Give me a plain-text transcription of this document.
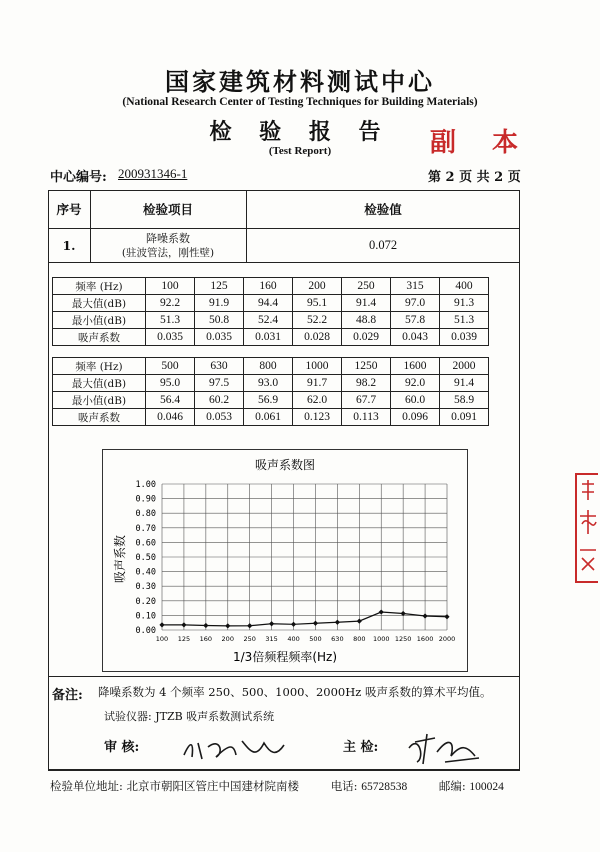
国家建筑材料测试中心
(National Research Center of Testing Techniques for Building Materials)
检 验 报 告
(Test Report)	副本
中心编号: 200931346-1	第 2 页 共 2 页
序号	检验项目	检验值
1.	降噪系数
(驻波管法，刚性壁)
0.072
频率 (Hz)	100	125	160	200	250	315	400
最大值(dB)	92.2	91.9	94.4	95.1	91.4	97.0	91.3
最小值(dB)	51.3	50.8	52.4	52.2	48.8	57.8	51.3
吸声系数	0.035	0.035	0.031	0.028	0.029	0.043	0.039
频率 (Hz)	500	630	800	1000	1250	1600	2000
最大值(dB)	95.0	97.5	93.0	91.7	98.2	92.0	91.4
最小值(dB)	56.4	60.2	56.9	62.0	67.7	60.0	58.9
吸声系数	0.046	0.053	0.061	0.123	0.113	0.096	0.091
0.00
0.10
0.20
0.30
0.40
0.50
0.60
0.70
0.80
0.90
1.00
100 125 160 200 250 315 400 500 630 800 1000 1250 1600 2000
吸声系数图
1/3倍频程频率(Hz)
吸声系数
备注: 降噪系数为 4 个频率 250、500、1000、2000Hz 吸声系数的算术平均值。
试验仪器: JTZB 吸声系数测试系统
审 核:	主 检:
检验单位地址: 北京市朝阳区管庄中国建材院南楼	电话: 65728538	邮编: 100024
